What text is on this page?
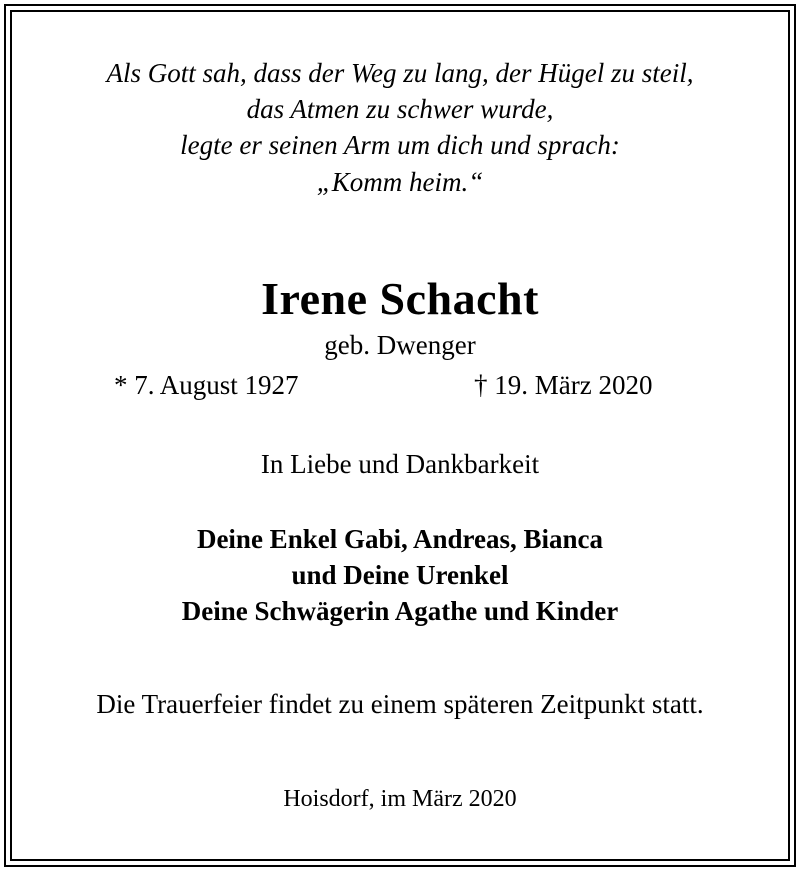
Als Gott sah, dass der Weg zu lang, der Hügel zu steil,
das Atmen zu schwer wurde,
legte er seinen Arm um dich und sprach:
„Komm heim.“
Irene Schacht
geb. Dwenger
* 7. August 1927	† 19. März 2020
In Liebe und Dankbarkeit
Deine Enkel Gabi, Andreas, Bianca
und Deine Urenkel
Deine Schwägerin Agathe und Kinder
Die Trauerfeier findet zu einem späteren Zeitpunkt statt.
Hoisdorf, im März 2020
